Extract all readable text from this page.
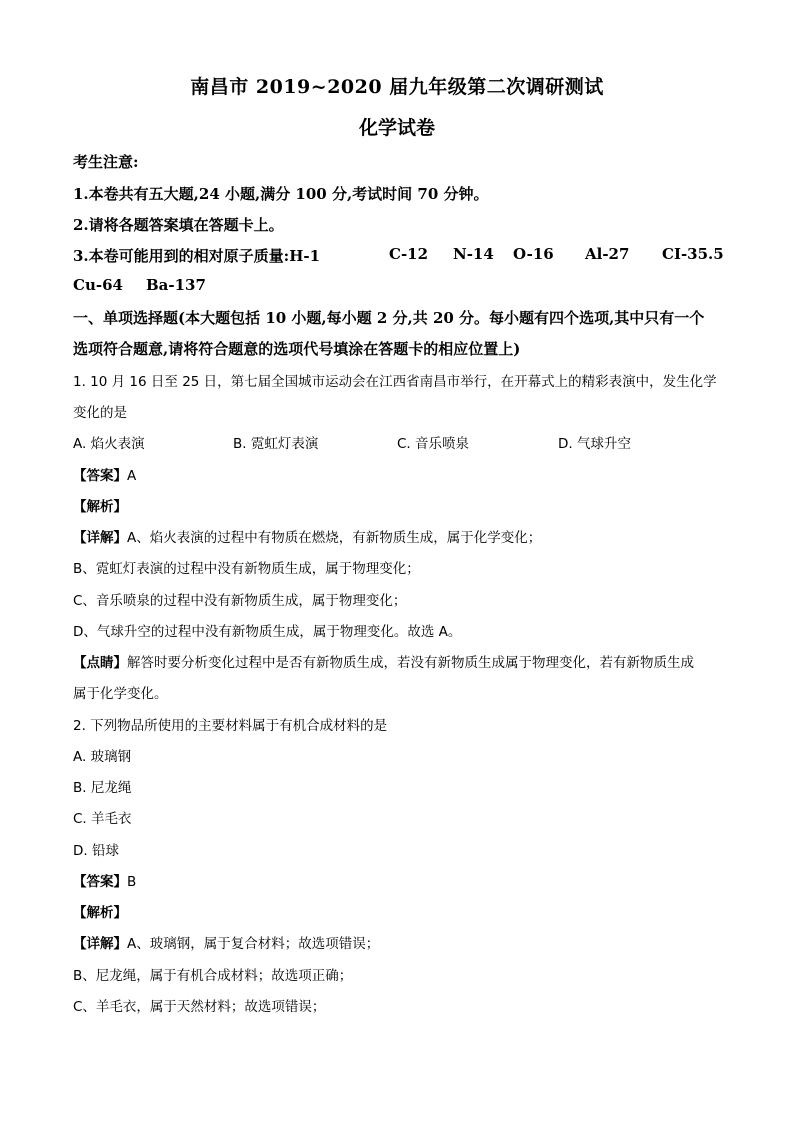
南昌市 2019~2020 届九年级第二次调研测试
化学试卷
考生注意:
1.本卷共有五大题,24 小题,满分 100 分,考试时间 70 分钟。
2.请将各题答案填在答题卡上。
3.本卷可能用到的相对原子质量:H-1	C-12 N-14 O-16 Al-27 CI-35.5
Cu-64 Ba-137
一、单项选择题(本大题包括 10 小题,每小题 2 分,共 20 分。每小题有四个选项,其中只有一个
选项符合题意,请将符合题意的选项代号填涂在答题卡的相应位置上)
1. 10 月 16 日至 25 日，第七届全国城市运动会在江西省南昌市举行，在开幕式上的精彩表演中，发生化学
变化的是
A. 焰火表演	B. 霓虹灯表演	C. 音乐喷泉	D. 气球升空
【答案】A
【解析】
【详解】A、焰火表演的过程中有物质在燃烧，有新物质生成，属于化学变化；
B、霓虹灯表演的过程中没有新物质生成，属于物理变化；
C、音乐喷泉的过程中没有新物质生成，属于物理变化；
D、气球升空的过程中没有新物质生成，属于物理变化。故选 A。
【点睛】解答时要分析变化过程中是否有新物质生成，若没有新物质生成属于物理变化，若有新物质生成
属于化学变化。
2. 下列物品所使用的主要材料属于有机合成材料的是
A. 玻璃钢
B. 尼龙绳
C. 羊毛衣
D. 铅球
【答案】B
【解析】
【详解】A、玻璃钢，属于复合材料；故选项错误；
B、尼龙绳，属于有机合成材料；故选项正确；
C、羊毛衣，属于天然材料；故选项错误；
